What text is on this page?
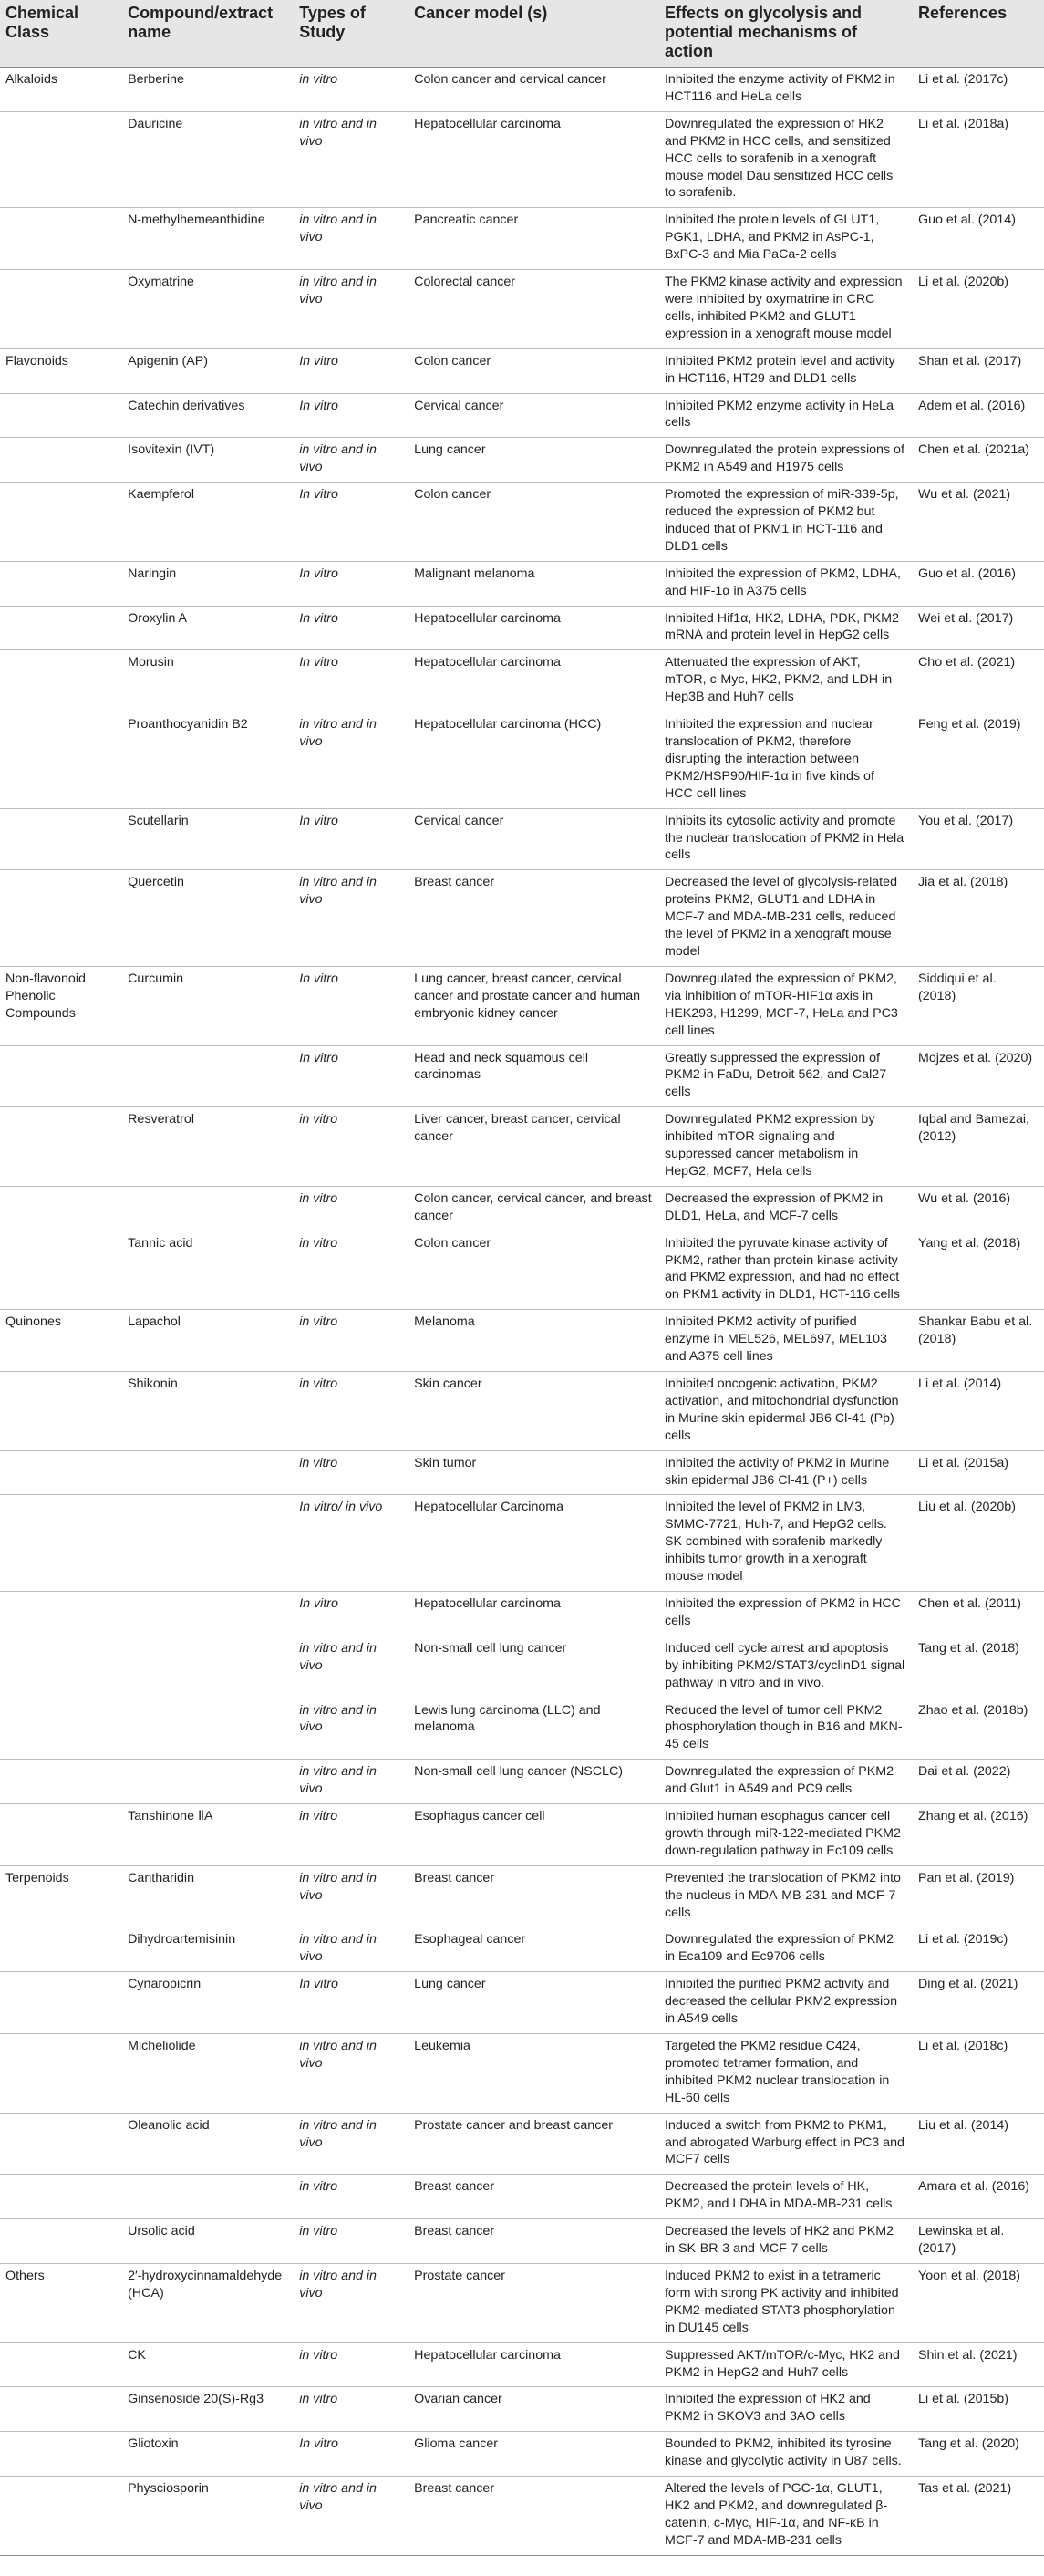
Chemical Class	Compound/extract name	Types of Study	Cancer model (s)	Effects on glycolysis and potential mechanisms of action	References
Alkaloids	Berberine	in vitro	Colon cancer and cervical cancer	Inhibited the enzyme activity of PKM2 in HCT116 and HeLa cells	Li et al. (2017c)
	Dauricine	in vitro and in vivo	Hepatocellular carcinoma	Downregulated the expression of HK2 and PKM2 in HCC cells, and sensitized HCC cells to sorafenib in a xenograft mouse model Dau sensitized HCC cells to sorafenib.	Li et al. (2018a)
	N-methylhemeanthidine	in vitro and in vivo	Pancreatic cancer	Inhibited the protein levels of GLUT1, PGK1, LDHA, and PKM2 in AsPC-1, BxPC-3 and Mia PaCa-2 cells	Guo et al. (2014)
	Oxymatrine	in vitro and in vivo	Colorectal cancer	The PKM2 kinase activity and expression were inhibited by oxymatrine in CRC cells, inhibited PKM2 and GLUT1 expression in a xenograft mouse model	Li et al. (2020b)
Flavonoids	Apigenin (AP)	In vitro	Colon cancer	Inhibited PKM2 protein level and activity in HCT116, HT29 and DLD1 cells	Shan et al. (2017)
	Catechin derivatives	In vitro	Cervical cancer	Inhibited PKM2 enzyme activity in HeLa cells	Adem et al. (2016)
	Isovitexin (IVT)	in vitro and in vivo	Lung cancer	Downregulated the protein expressions of PKM2 in A549 and H1975 cells	Chen et al. (2021a)
	Kaempferol	In vitro	Colon cancer	Promoted the expression of miR-339-5p, reduced the expression of PKM2 but induced that of PKM1 in HCT-116 and DLD1 cells	Wu et al. (2021)
	Naringin	In vitro	Malignant melanoma	Inhibited the expression of PKM2, LDHA, and HIF-1α in A375 cells	Guo et al. (2016)
	Oroxylin A	In vitro	Hepatocellular carcinoma	Inhibited Hif1α, HK2, LDHA, PDK, PKM2 mRNA and protein level in HepG2 cells	Wei et al. (2017)
	Morusin	In vitro	Hepatocellular carcinoma	Attenuated the expression of AKT, mTOR, c-Myc, HK2, PKM2, and LDH in Hep3B and Huh7 cells	Cho et al. (2021)
	Proanthocyanidin B2	in vitro and in vivo	Hepatocellular carcinoma (HCC)	Inhibited the expression and nuclear translocation of PKM2, therefore disrupting the interaction between PKM2/HSP90/HIF-1α in five kinds of HCC cell lines	Feng et al. (2019)
	Scutellarin	In vitro	Cervical cancer	Inhibits its cytosolic activity and promote the nuclear translocation of PKM2 in Hela cells	You et al. (2017)
	Quercetin	in vitro and in vivo	Breast cancer	Decreased the level of glycolysis-related proteins PKM2, GLUT1 and LDHA in MCF-7 and MDA-MB-231 cells, reduced the level of PKM2 in a xenograft mouse model	Jia et al. (2018)
Non-flavonoid Phenolic Compounds	Curcumin	In vitro	Lung cancer, breast cancer, cervical cancer and prostate cancer and human embryonic kidney cancer	Downregulated the expression of PKM2, via inhibition of mTOR-HIF1α axis in HEK293, H1299, MCF-7, HeLa and PC3 cell lines	Siddiqui et al. (2018)
		In vitro	Head and neck squamous cell carcinomas	Greatly suppressed the expression of PKM2 in FaDu, Detroit 562, and Cal27 cells	Mojzes et al. (2020)
	Resveratrol	in vitro	Liver cancer, breast cancer, cervical cancer	Downregulated PKM2 expression by inhibited mTOR signaling and suppressed cancer metabolism in HepG2, MCF7, Hela cells	Iqbal and Bamezai, (2012)
		in vitro	Colon cancer, cervical cancer, and breast cancer	Decreased the expression of PKM2 in DLD1, HeLa, and MCF-7 cells	Wu et al. (2016)
	Tannic acid	in vitro	Colon cancer	Inhibited the pyruvate kinase activity of PKM2, rather than protein kinase activity and PKM2 expression, and had no effect on PKM1 activity in DLD1, HCT-116 cells	Yang et al. (2018)
Quinones	Lapachol	in vitro	Melanoma	Inhibited PKM2 activity of purified enzyme in MEL526, MEL697, MEL103 and A375 cell lines	Shankar Babu et al. (2018)
	Shikonin	in vitro	Skin cancer	Inhibited oncogenic activation, PKM2 activation, and mitochondrial dysfunction in Murine skin epidermal JB6 Cl-41 (Pþ) cells	Li et al. (2014)
		in vitro	Skin tumor	Inhibited the activity of PKM2 in Murine skin epidermal JB6 Cl-41 (P+) cells	Li et al. (2015a)
		In vitro/ in vivo	Hepatocellular Carcinoma	Inhibited the level of PKM2 in LM3, SMMC-7721, Huh-7, and HepG2 cells. SK combined with sorafenib markedly inhibits tumor growth in a xenograft mouse model	Liu et al. (2020b)
		In vitro	Hepatocellular carcinoma	Inhibited the expression of PKM2 in HCC cells	Chen et al. (2011)
		in vitro and in vivo	Non-small cell lung cancer	Induced cell cycle arrest and apoptosis by inhibiting PKM2/STAT3/cyclinD1 signal pathway in vitro and in vivo.	Tang et al. (2018)
		in vitro and in vivo	Lewis lung carcinoma (LLC) and melanoma	Reduced the level of tumor cell PKM2 phosphorylation though in B16 and MKN-45 cells	Zhao et al. (2018b)
		in vitro and in vivo	Non-small cell lung cancer (NSCLC)	Downregulated the expression of PKM2 and Glut1 in A549 and PC9 cells	Dai et al. (2022)
	Tanshinone ⅡA	in vitro	Esophagus cancer cell	Inhibited human esophagus cancer cell growth through miR-122-mediated PKM2 down-regulation pathway in Ec109 cells	Zhang et al. (2016)
Terpenoids	Cantharidin	in vitro and in vivo	Breast cancer	Prevented the translocation of PKM2 into the nucleus in MDA-MB-231 and MCF-7 cells	Pan et al. (2019)
	Dihydroartemisinin	in vitro and in vivo	Esophageal cancer	Downregulated the expression of PKM2 in Eca109 and Ec9706 cells	Li et al. (2019c)
	Cynaropicrin	In vitro	Lung cancer	Inhibited the purified PKM2 activity and decreased the cellular PKM2 expression in A549 cells	Ding et al. (2021)
	Micheliolide	in vitro and in vivo	Leukemia	Targeted the PKM2 residue C424, promoted tetramer formation, and inhibited PKM2 nuclear translocation in HL-60 cells	Li et al. (2018c)
	Oleanolic acid	in vitro and in vivo	Prostate cancer and breast cancer	Induced a switch from PKM2 to PKM1, and abrogated Warburg effect in PC3 and MCF7 cells	Liu et al. (2014)
		in vitro	Breast cancer	Decreased the protein levels of HK, PKM2, and LDHA in MDA-MB-231 cells	Amara et al. (2016)
	Ursolic acid	in vitro	Breast cancer	Decreased the levels of HK2 and PKM2 in SK-BR-3 and MCF-7 cells	Lewinska et al. (2017)
Others	2′-hydroxycinnamaldehyde (HCA)	in vitro and in vivo	Prostate cancer	Induced PKM2 to exist in a tetrameric form with strong PK activity and inhibited PKM2-mediated STAT3 phosphorylation in DU145 cells	Yoon et al. (2018)
	CK	in vitro	Hepatocellular carcinoma	Suppressed AKT/mTOR/c-Myc, HK2 and PKM2 in HepG2 and Huh7 cells	Shin et al. (2021)
	Ginsenoside 20(S)-Rg3	in vitro	Ovarian cancer	Inhibited the expression of HK2 and PKM2 in SKOV3 and 3AO cells	Li et al. (2015b)
	Gliotoxin	In vitro	Glioma cancer	Bounded to PKM2, inhibited its tyrosine kinase and glycolytic activity in U87 cells.	Tang et al. (2020)
	Physciosporin	in vitro and in vivo	Breast cancer	Altered the levels of PGC-1α, GLUT1, HK2 and PKM2, and downregulated β-catenin, c-Myc, HIF-1α, and NF-κB in MCF-7 and MDA-MB-231 cells	Tas et al. (2021)
